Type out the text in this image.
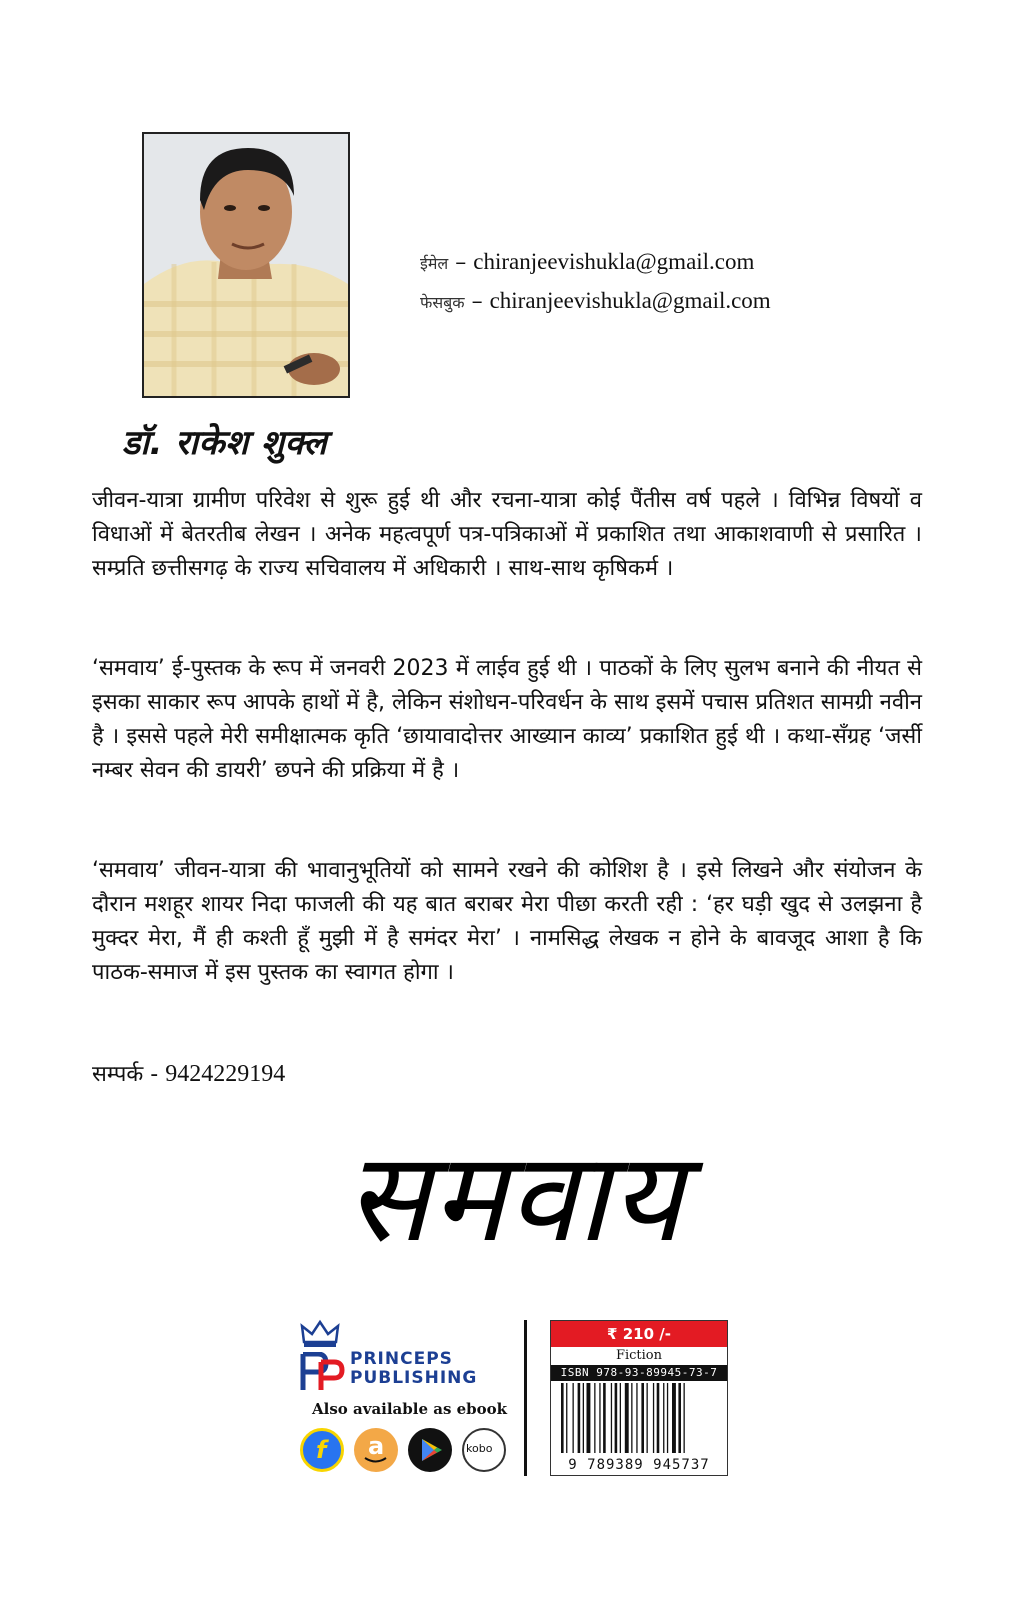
ईमेल – chiranjeevishukla@gmail.com
फेसबुक – chiranjeevishukla@gmail.com
डॉ. राकेश शुक्ल

जीवन-यात्रा ग्रामीण परिवेश से शुरू हुई थी और रचना-यात्रा कोई पैंतीस वर्ष पहले । विभिन्न विषयों व विधाओं में बेतरतीब लेखन । अनेक महत्वपूर्ण पत्र-पत्रिकाओं में प्रकाशित तथा आकाशवाणी से प्रसारित । सम्प्रति छत्तीसगढ़ के राज्य सचिवालय में अधिकारी । साथ-साथ कृषिकर्म ।

‘समवाय’ ई-पुस्तक के रूप में जनवरी 2023 में लाईव हुई थी । पाठकों के लिए सुलभ बनाने की नीयत से इसका साकार रूप आपके हाथों में है, लेकिन संशोधन-परिवर्धन के साथ इसमें पचास प्रतिशत सामग्री नवीन है । इससे पहले मेरी समीक्षात्मक कृति ‘छायावादोत्तर आख्यान काव्य’ प्रकाशित हुई थी । कथा-सँग्रह ‘जर्सी नम्बर सेवन की डायरी’ छपने की प्रक्रिया में है ।

‘समवाय’ जीवन-यात्रा की भावानुभूतियों को सामने रखने की कोशिश है । इसे लिखने और संयोजन के दौरान मशहूर शायर निदा फाजली की यह बात बराबर मेरा पीछा करती रही : ‘हर घड़ी खुद से उलझना है मुक्दर मेरा, मैं ही कश्ती हूँ मुझी में है समंदर मेरा’ । नामसिद्ध लेखक न होने के बावजूद आशा है कि पाठक-समाज में इस पुस्तक का स्वागत होगा ।

सम्पर्क - 9424229194
समवाय
PRINCEPS
PUBLISHING
Also available as ebook
f a	kobo
₹ 210 /-
Fiction
ISBN 978-93-89945-73-7
9 789389 945737
